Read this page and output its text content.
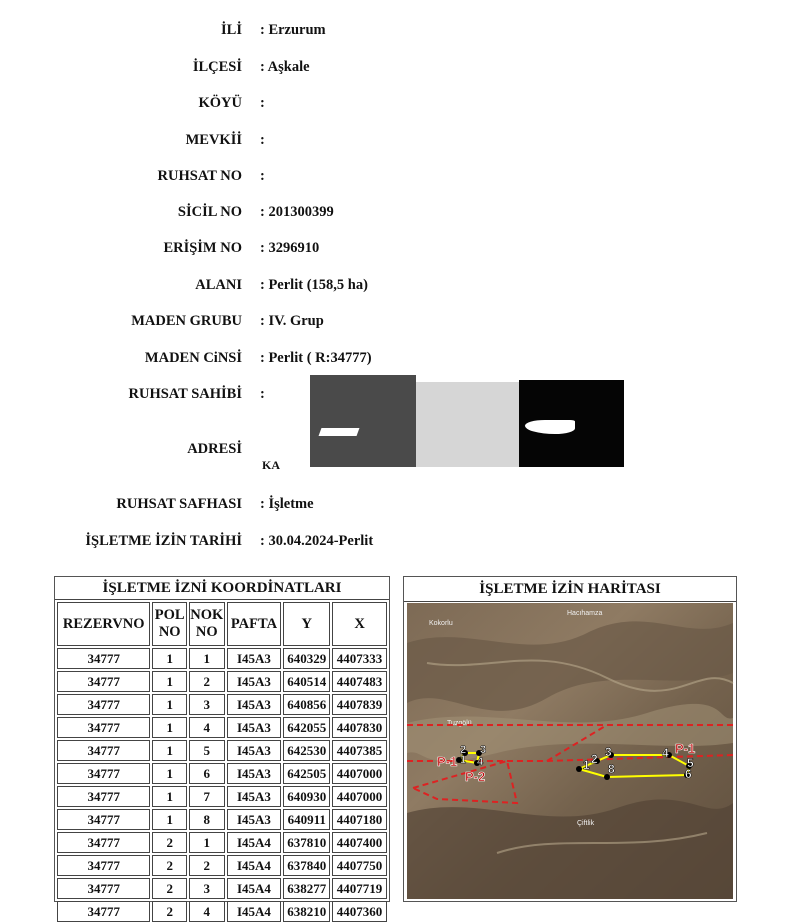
İLİ : Erzurum
İLÇESİ : Aşkale
KÖYÜ :
MEVKİİ :
RUHSAT NO :
SİCİL NO : 201300399
ERİŞİM NO : 3296910
ALANI : Perlit (158,5 ha)
MADEN GRUBU : IV. Grup
MADEN CiNSİ : Perlit ( R:34777)
RUHSAT SAHİBİ :
ADRESİ
KA
RUHSAT SAFHASI : İşletme
İŞLETME İZİN TARİHİ : 30.04.2024-Perlit
İŞLETME İZNİ KOORDİNATLARI
REZERVNO	POL NO	NOK NO	PAFTA	Y	X
34777	1	1	I45A3	640329	4407333
34777	1	2	I45A3	640514	4407483
34777	1	3	I45A3	640856	4407839
34777	1	4	I45A3	642055	4407830
34777	1	5	I45A3	642530	4407385
34777	1	6	I45A3	642505	4407000
34777	1	7	I45A3	640930	4407000
34777	1	8	I45A3	640911	4407180
34777	2	1	I45A4	637810	4407400
34777	2	2	I45A4	637840	4407750
34777	2	3	I45A4	638277	4407719
34777	2	4	I45A4	638210	4407360
İŞLETME İZİN HARİTASI
Hacıhamza
Kokorlu
Tuzgölü
Çiftlik
1
2 3
4
P-1	1 2 3	4
5
6
8
P-1
P-2
